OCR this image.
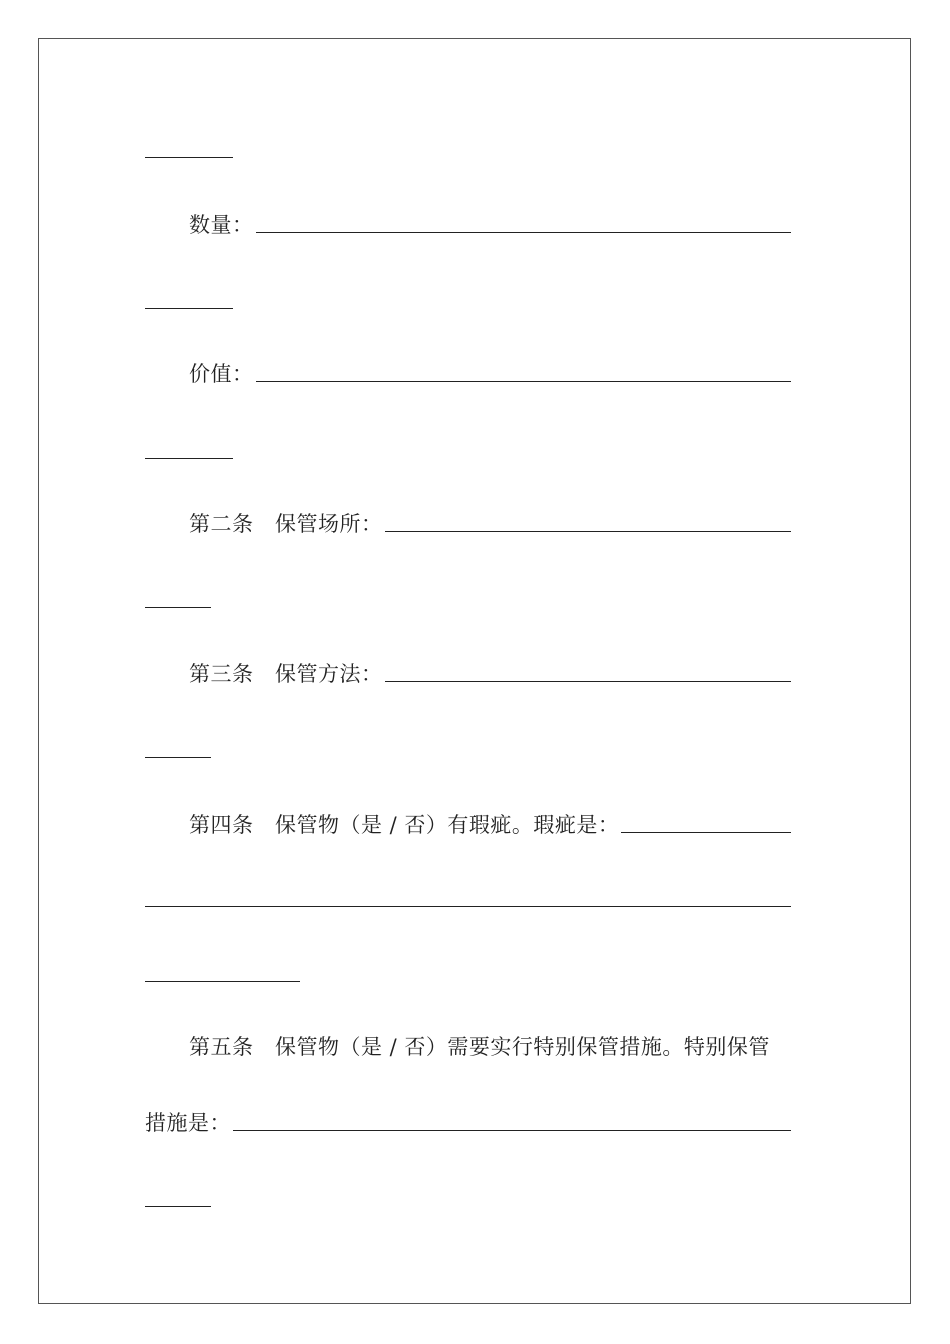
数量：
价值：
第二条　保管场所：
第三条　保管方法：
第四条　保管物（是 / 否）有瑕疵。瑕疵是：
第五条　保管物（是 / 否）需要实行特别保管措施。特别保管
措施是：
